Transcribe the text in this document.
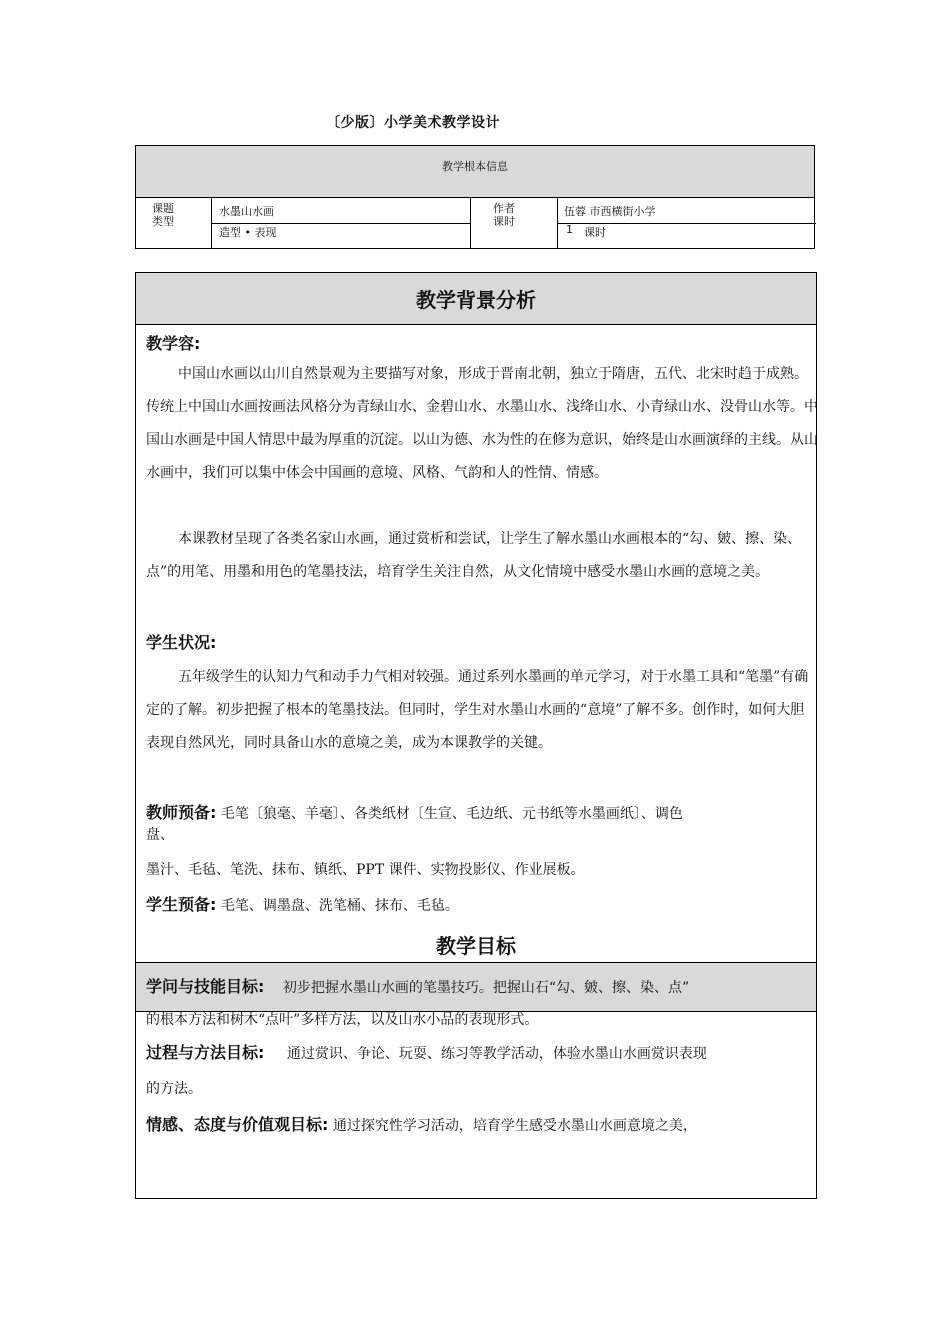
〔少版〕小学美术教学设计
教学根本信息
课题
类型
水墨山水画
造型 • 表现
作者
课时
伍蓉 市西横街小学
1 课时
教学背景分析
教学容:
中国山水画以山川自然景观为主要描写对象，形成于晋南北朝，独立于隋唐，五代、北宋时趋于成熟。传统上中国山水画按画法风格分为青绿山水、金碧山水、水墨山水、浅绛山水、小青绿山水、没骨山水等。中国山水画是中国人情思中最为厚重的沉淀。以山为德、水为性的在修为意识，始终是山水画演绎的主线。从山水画中，我们可以集中体会中国画的意境、风格、气韵和人的性情、情感。
本课教材呈现了各类名家山水画，通过赏析和尝试，让学生了解水墨山水画根本的“勾、皴、擦、染、点”的用笔、用墨和用色的笔墨技法，培育学生关注自然，从文化情境中感受水墨山水画的意境之美。
学生状况:
五年级学生的认知力气和动手力气相对较强。通过系列水墨画的单元学习，对于水墨工具和“笔墨”有确定的了解。初步把握了根本的笔墨技法。但同时，学生对水墨山水画的“意境”了解不多。创作时，如何大胆表现自然风光，同时具备山水的意境之美，成为本课教学的关键。
教师预备: 毛笔〔狼毫、羊毫〕、各类纸材〔生宣、毛边纸、元书纸等水墨画纸〕、调色
盘、
墨汁、毛毡、笔洗、抹布、镇纸、PPT 课件、实物投影仪、作业展板。
学生预备: 毛笔、调墨盘、洗笔桶、抹布、毛毡。
教学目标
学问与技能目标: 初步把握水墨山水画的笔墨技巧。把握山石“勾、皴、擦、染、点”
的根本方法和树木“点叶”多样方法，以及山水小品的表现形式。
过程与方法目标: 通过赏识、争论、玩耍、练习等教学活动，体验水墨山水画赏识表现
的方法。
情感、态度与价值观目标: 通过探究性学习活动，培育学生感受水墨山水画意境之美，
